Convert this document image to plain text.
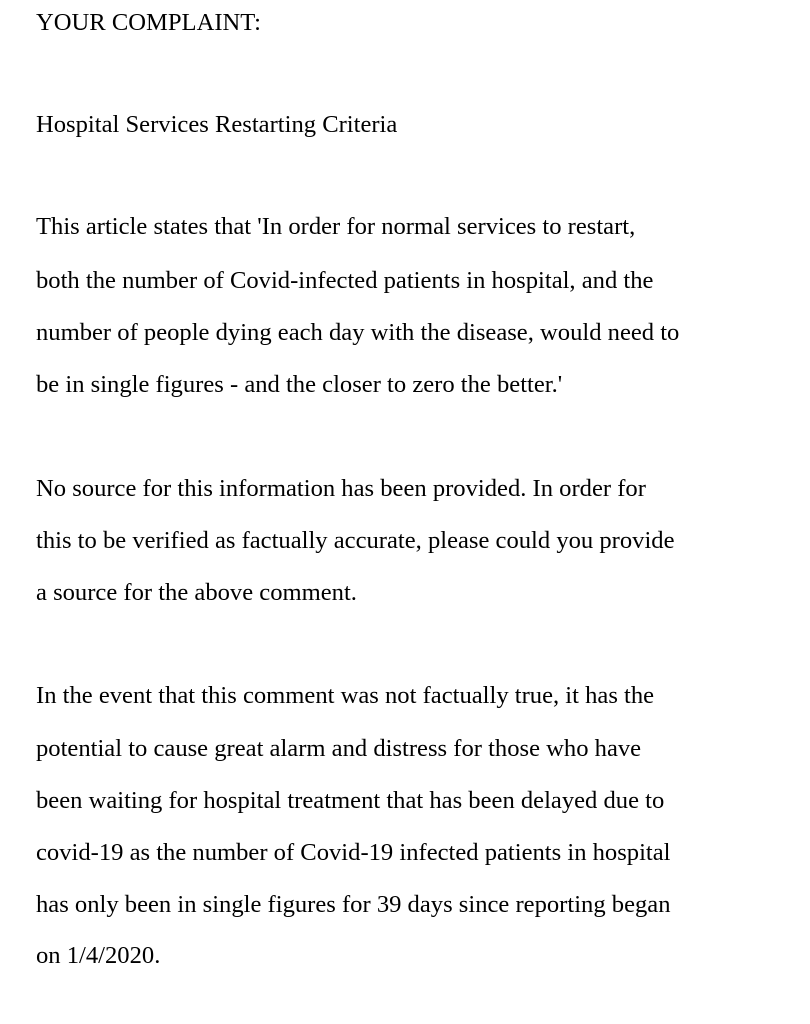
YOUR COMPLAINT:

Hospital Services Restarting Criteria

This article states that 'In order for normal services to restart,

both the number of Covid-infected patients in hospital, and the

number of people dying each day with the disease, would need to

be in single figures - and the closer to zero the better.'

No source for this information has been provided. In order for

this to be verified as factually accurate, please could you provide

a source for the above comment.

In the event that this comment was not factually true, it has the

potential to cause great alarm and distress for those who have

been waiting for hospital treatment that has been delayed due to

covid-19 as the number of Covid-19 infected patients in hospital

has only been in single figures for 39 days since reporting began

on 1/4/2020.
